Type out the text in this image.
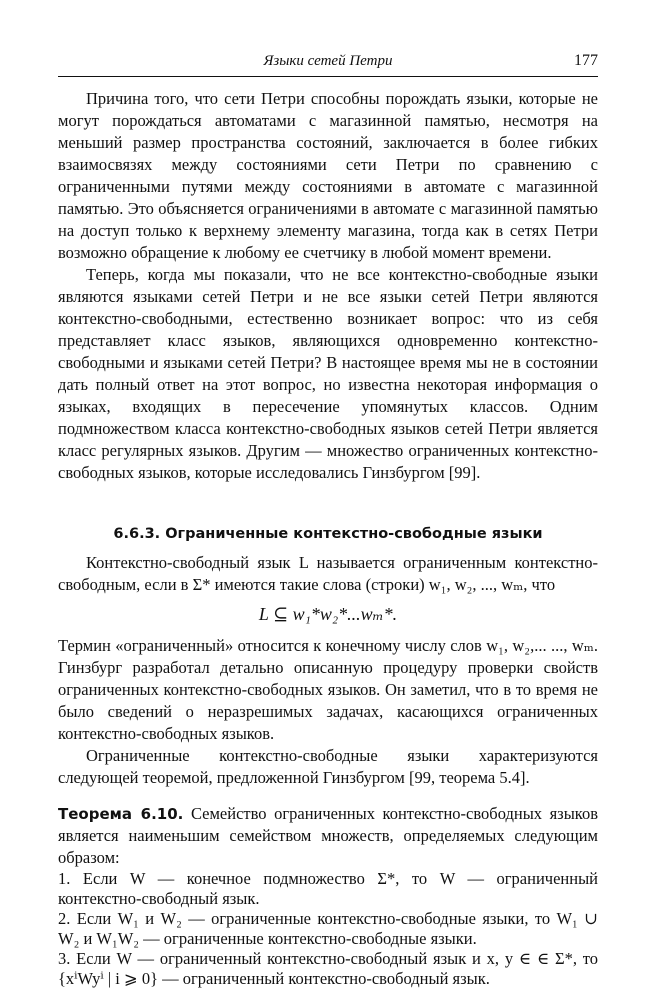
Языки сетей Петри	177

Причина того, что сети Петри способны порождать языки, которые не могут порождаться автоматами с магазинной памятью, несмотря на меньший размер пространства состояний, заключается в более гибких взаимосвязях между состояниями сети Петри по сравнению с ограниченными путями между состояниями в автомате с магазинной памятью. Это объясняется ограничениями в автомате с магазинной памятью на доступ только к верхнему элементу магазина, тогда как в сетях Петри возможно обращение к любому ее счетчику в любой момент времени.

Теперь, когда мы показали, что не все контекстно-свободные языки являются языками сетей Петри и не все языки сетей Петри являются контекстно-свободными, естественно возникает вопрос: что из себя представляет класс языков, являющихся одновременно контекстно-свободными и языками сетей Петри? В настоящее время мы не в состоянии дать полный ответ на этот вопрос, но известна некоторая информация о языках, входящих в пересечение упомянутых классов. Одним подмножеством класса контекстно-свободных языков сетей Петри является класс регулярных языков. Другим — множество ограниченных контекстно-свободных языков, которые исследовались Гинзбургом [99].

6.6.3. Ограниченные контекстно-свободные языки

Контекстно-свободный язык L называется ограниченным контекстно-свободным, если в Σ* имеются такие слова (строки) w₁, w₂, ..., wₘ, что

L ⊆ w₁*w₂*...wₘ*.

Термин «ограниченный» относится к конечному числу слов w₁, w₂,... ..., wₘ. Гинзбург разработал детально описанную процедуру проверки свойств ограниченных контекстно-свободных языков. Он заметил, что в то время не было сведений о неразрешимых задачах, касающихся ограниченных контекстно-свободных языков.

Ограниченные контекстно-свободные языки характеризуются следующей теоремой, предложенной Гинзбургом [99, теорема 5.4].

Теорема 6.10. Семейство ограниченных контекстно-свободных языков является наименьшим семейством множеств, определяемых следующим образом:

1. Если W — конечное подмножество Σ*, то W — ограниченный контекстно-свободный язык.

2. Если W₁ и W₂ — ограниченные контекстно-свободные языки, то W₁ ∪ W₂ и W₁W₂ — ограниченные контекстно-свободные языки.

3. Если W — ограниченный контекстно-свободный язык и x, y ∈ ∈ Σ*, то {xⁱWyⁱ | i ⩾ 0} — ограниченный контекстно-свободный язык.
